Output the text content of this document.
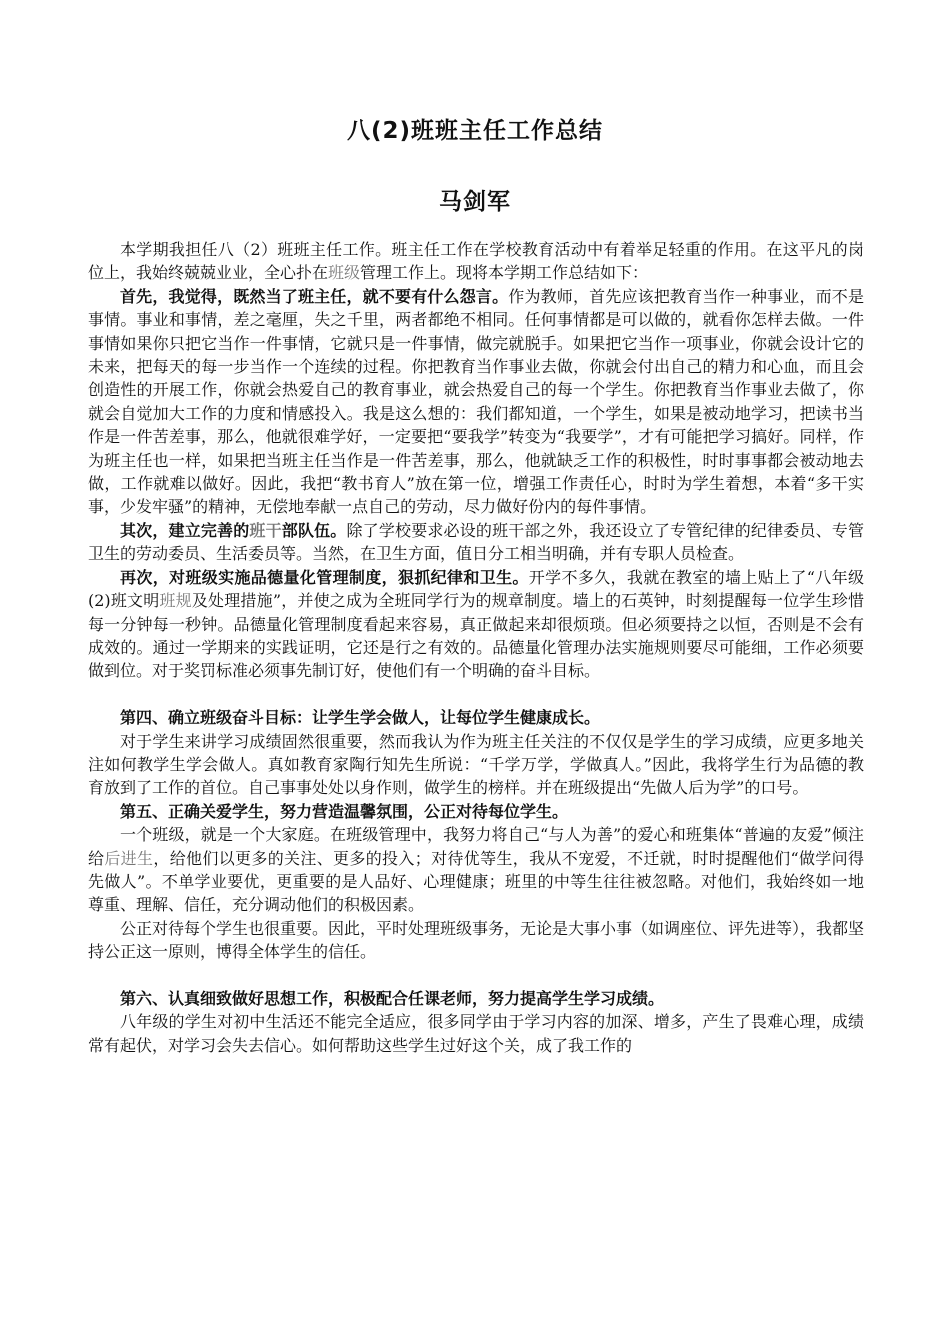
八(2)班班主任工作总结
马剑军

本学期我担任八（2）班班主任工作。班主任工作在学校教育活动中有着举足轻重的作用。在这平凡的岗位上，我始终兢兢业业，全心扑在班级管理工作上。现将本学期工作总结如下：

首先，我觉得，既然当了班主任，就不要有什么怨言。作为教师，首先应该把教育当作一种事业，而不是事情。事业和事情，差之毫厘，失之千里，两者都绝不相同。任何事情都是可以做的，就看你怎样去做。一件事情如果你只把它当作一件事情，它就只是一件事情，做完就脱手。如果把它当作一项事业，你就会设计它的未来，把每天的每一步当作一个连续的过程。你把教育当作事业去做，你就会付出自己的精力和心血，而且会创造性的开展工作，你就会热爱自己的教育事业，就会热爱自己的每一个学生。你把教育当作事业去做了，你就会自觉加大工作的力度和情感投入。我是这么想的：我们都知道，一个学生，如果是被动地学习，把读书当作是一件苦差事，那么，他就很难学好，一定要把“要我学”转变为“我要学”，才有可能把学习搞好。同样，作为班主任也一样，如果把当班主任当作是一件苦差事，那么，他就缺乏工作的积极性，时时事事都会被动地去做，工作就难以做好。因此，我把“教书育人”放在第一位，增强工作责任心，时时为学生着想，本着“多干实事，少发牢骚”的精神，无偿地奉献一点自己的劳动，尽力做好份内的每件事情。

其次，建立完善的班干部队伍。除了学校要求必设的班干部之外，我还设立了专管纪律的纪律委员、专管卫生的劳动委员、生活委员等。当然，在卫生方面，值日分工相当明确，并有专职人员检查。

再次，对班级实施品德量化管理制度，狠抓纪律和卫生。开学不多久，我就在教室的墙上贴上了“八年级(2)班文明班规及处理措施”，并使之成为全班同学行为的规章制度。墙上的石英钟，时刻提醒每一位学生珍惜每一分钟每一秒钟。品德量化管理制度看起来容易，真正做起来却很烦琐。但必须要持之以恒，否则是不会有成效的。通过一学期来的实践证明，它还是行之有效的。品德量化管理办法实施规则要尽可能细，工作必须要做到位。对于奖罚标准必须事先制订好，使他们有一个明确的奋斗目标。

第四、确立班级奋斗目标：让学生学会做人，让每位学生健康成长。

对于学生来讲学习成绩固然很重要，然而我认为作为班主任关注的不仅仅是学生的学习成绩，应更多地关注如何教学生学会做人。真如教育家陶行知先生所说：“千学万学，学做真人。”因此，我将学生行为品德的教育放到了工作的首位。自己事事处处以身作则，做学生的榜样。并在班级提出“先做人后为学”的口号。

第五、正确关爱学生，努力营造温馨氛围，公正对待每位学生。

一个班级，就是一个大家庭。在班级管理中，我努力将自己“与人为善”的爱心和班集体“普遍的友爱”倾注给后进生，给他们以更多的关注、更多的投入；对待优等生，我从不宠爱，不迁就，时时提醒他们“做学问得先做人”。不单学业要优，更重要的是人品好、心理健康；班里的中等生往往被忽略。对他们，我始终如一地尊重、理解、信任，充分调动他们的积极因素。

公正对待每个学生也很重要。因此，平时处理班级事务，无论是大事小事（如调座位、评先进等），我都坚持公正这一原则，博得全体学生的信任。

第六、认真细致做好思想工作，积极配合任课老师，努力提高学生学习成绩。

八年级的学生对初中生活还不能完全适应，很多同学由于学习内容的加深、增多，产生了畏难心理，成绩常有起伏，对学习会失去信心。如何帮助这些学生过好这个关，成了我工作的
